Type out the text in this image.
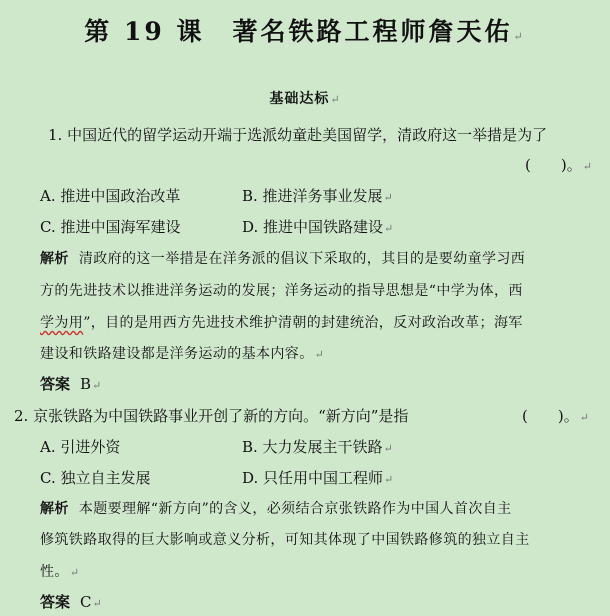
第 19 课　著名铁路工程师詹天佑↵
基础达标↵
1. 中国近代的留学运动开端于选派幼童赴美国留学，清政府这一举措是为了
(　　)。↵
A. 推进中国政治改革	B. 推进洋务事业发展↵
C. 推进中国海军建设	D. 推进中国铁路建设↵
解析 清政府的这一举措是在洋务派的倡议下采取的，其目的是要幼童学习西
方的先进技术以推进洋务运动的发展；洋务运动的指导思想是“中学为体，西
学为用”，目的是用西方先进技术维护清朝的封建统治，反对政治改革；海军
建设和铁路建设都是洋务运动的基本内容。↵
答案 B↵
2. 京张铁路为中国铁路事业开创了新的方向。“新方向”是指	(　　)。↵
A. 引进外资	B. 大力发展主干铁路↵
C. 独立自主发展	D. 只任用中国工程师↵
解析 本题要理解“新方向”的含义，必须结合京张铁路作为中国人首次自主
修筑铁路取得的巨大影响或意义分析，可知其体现了中国铁路修筑的独立自主
性。↵
答案 C↵
